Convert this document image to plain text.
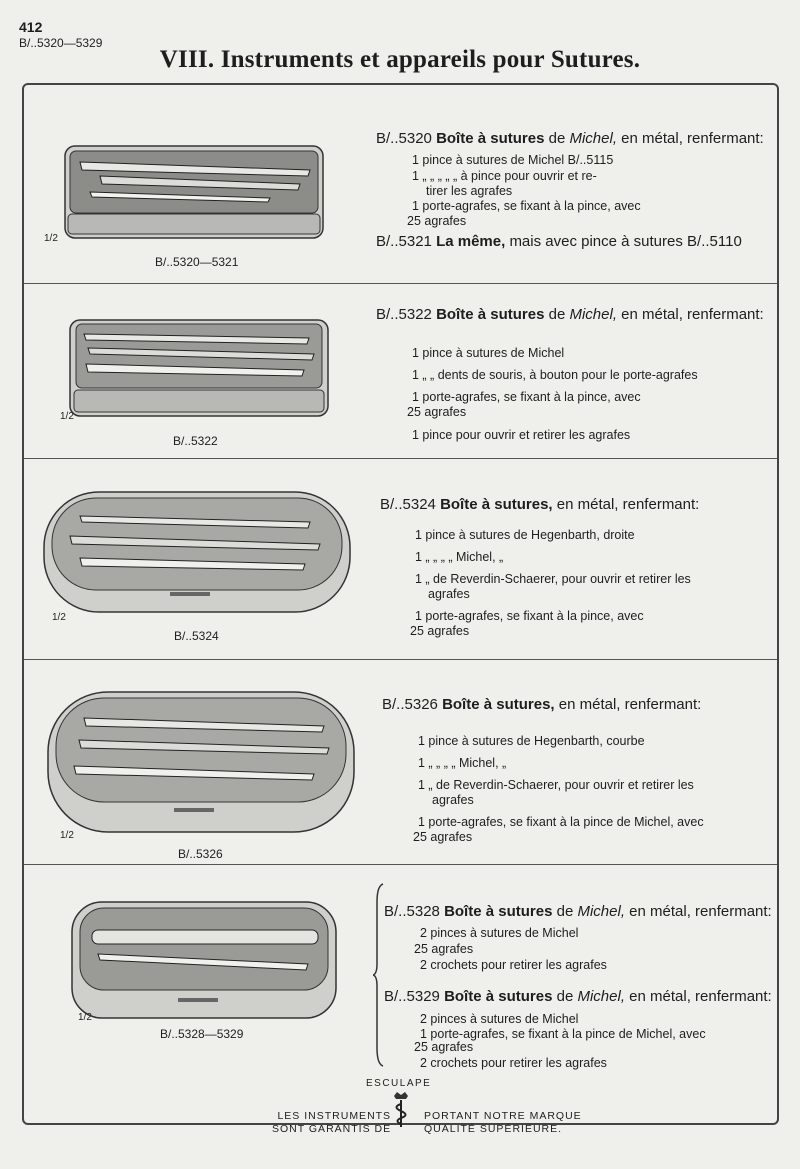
412
B/..5320—5329
VIII. Instruments et appareils pour Sutures.
1/2
B/..5320—5321
B/..5320 Boîte à sutures de Michel, en métal, renfermant:
1 pince à sutures de Michel B/..5115
1 „ „ „ „ „ à pince pour ouvrir et re-
tirer les agrafes
1 porte-agrafes, se fixant à la pince, avec
25 agrafes
B/..5321 La même, mais avec pince à sutures B/..5110
1/2
B/..5322
B/..5322 Boîte à sutures de Michel, en métal, renfermant:
1 pince à sutures de Michel
1 „ „ dents de souris, à bouton pour le porte-agrafes
1 porte-agrafes, se fixant à la pince, avec
25 agrafes
1 pince pour ouvrir et retirer les agrafes
1/2
B/..5324
B/..5324 Boîte à sutures, en métal, renfermant:
1 pince à sutures de Hegenbarth, droite
1 „ „ „ „ Michel, „
1 „ de Reverdin-Schaerer, pour ouvrir et retirer les
agrafes
1 porte-agrafes, se fixant à la pince, avec
25 agrafes
1/2
B/..5326
B/..5326 Boîte à sutures, en métal, renfermant:
1 pince à sutures de Hegenbarth, courbe
1 „ „ „ „ Michel, „
1 „ de Reverdin-Schaerer, pour ouvrir et retirer les
agrafes
1 porte-agrafes, se fixant à la pince de Michel, avec
25 agrafes
1/2
B/..5328—5329
B/..5328 Boîte à sutures de Michel, en métal, renfermant:
2 pinces à sutures de Michel
25 agrafes
2 crochets pour retirer les agrafes
B/..5329 Boîte à sutures de Michel, en métal, renfermant:
2 pinces à sutures de Michel
1 porte-agrafes, se fixant à la pince de Michel, avec
25 agrafes
2 crochets pour retirer les agrafes
ESCULAPE
LES INSTRUMENTS
SONT GARANTIS DE
PORTANT NOTRE MARQUE
QUALITÉ SUPÉRIEURE.
